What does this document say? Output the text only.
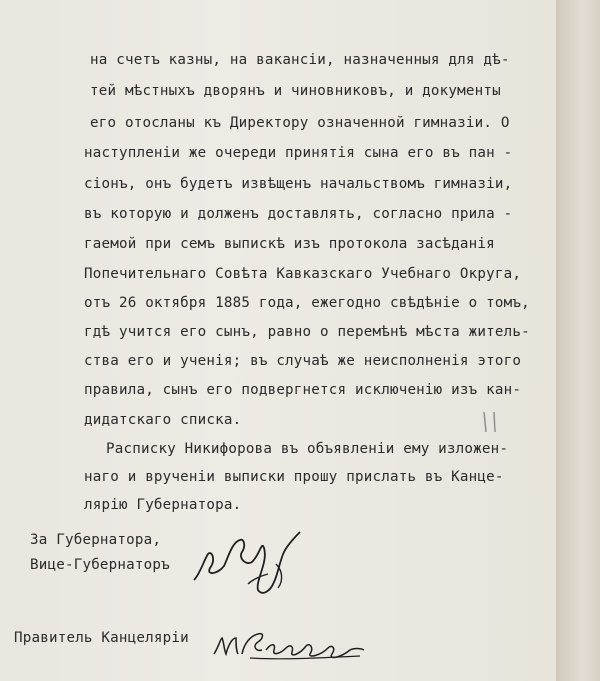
на счетъ казны, на вакансiи, назначенныя для дѣ-
тей мѣстныхъ дворянъ и чиновниковъ, и документы
его отосланы къ Директору означенной гимназiи. О
наступленiи же очереди принятiя сына его въ пан -
сiонъ, онъ будетъ извѣщенъ начальствомъ гимназiи,
въ которую и долженъ доставлять, согласно прила -
гаемой при семъ выпискѣ изъ протокола засѣданiя
Попечительнаго Совѣта Кавказскаго Учебнаго Округа,
отъ 26 октября 1885 года, ежегодно свѣдѣнiе о томъ,
гдѣ учится его сынъ, равно о перемѣнѣ мѣста житель-
ства его и ученiя; въ случаѣ же неисполненiя этого
правила, сынъ его подвергнется исключенiю изъ кан-
дидатскаго списка.
Расписку Никифорова въ объявленiи ему изложен-
наго и врученiи выписки прошу прислать въ Канце-
лярiю Губернатора.
За Губернатора,
Вице-Губернаторъ
Правитель Канцелярiи
